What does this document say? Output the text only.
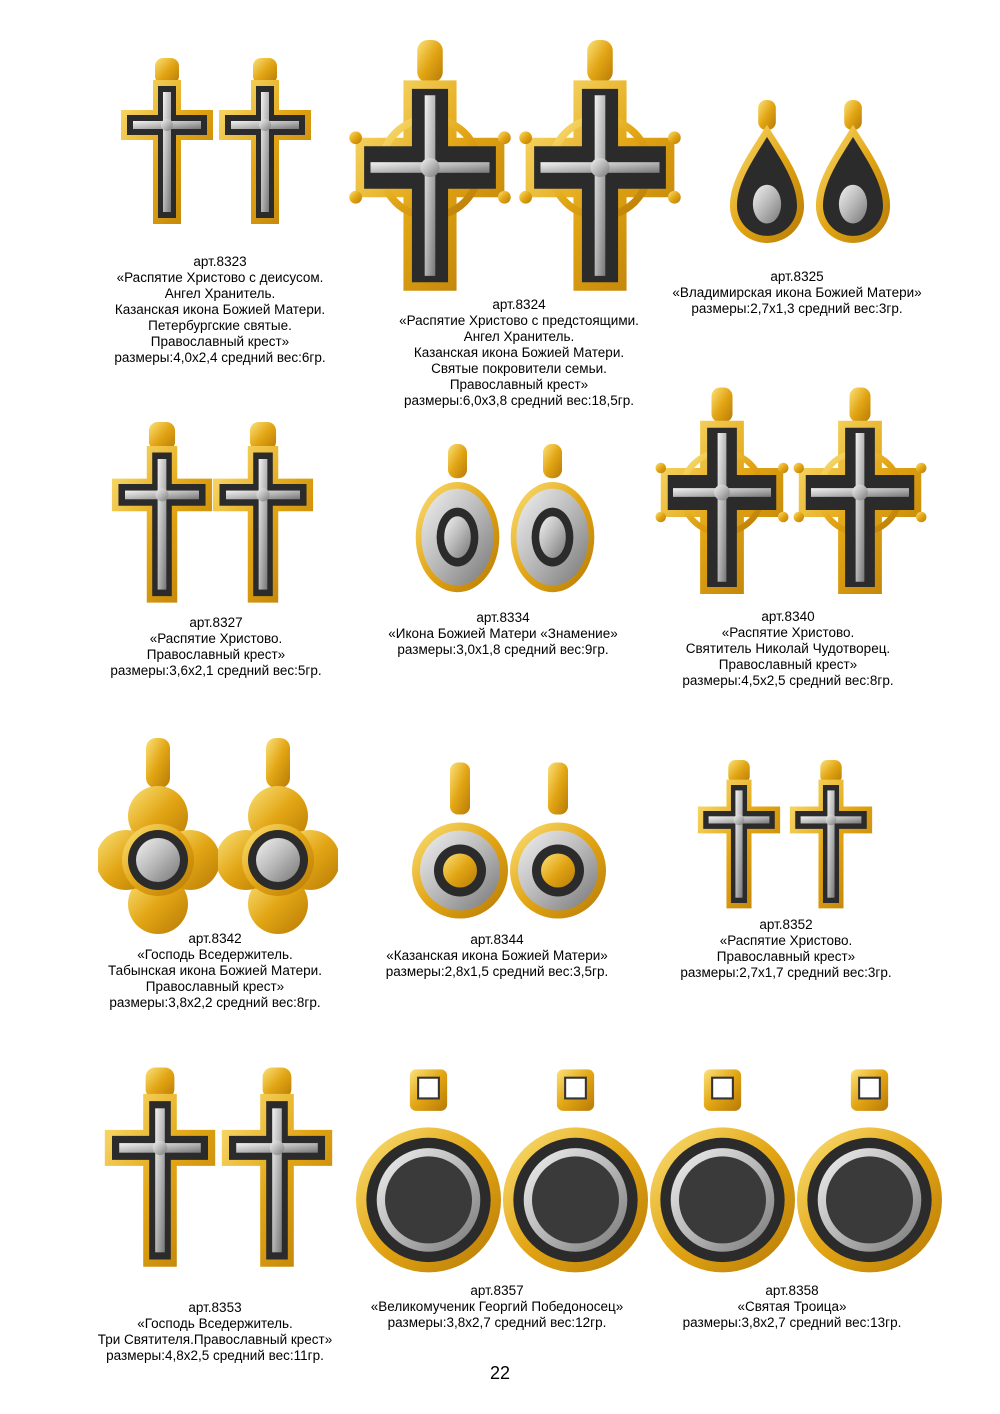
арт.8323
«Распятие Христово с деисусом.
Ангел Хранитель.
Казанская икона Божией Матери.
Петербургские святые.
Православный крест»
размеры:4,0х2,4 средний вес:6гр.
арт.8324
«Распятие Христово с предстоящими.
Ангел Хранитель.
Казанская икона Божией Матери.
Святые покровители семьи.
Православный крест»
размеры:6,0х3,8 средний вес:18,5гр.
арт.8325
«Владимирская икона Божией Матери»
размеры:2,7х1,3 средний вес:3гр.
арт.8327
«Распятие Христово.
Православный крест»
размеры:3,6х2,1 средний вес:5гр.
арт.8334
«Икона Божией Матери «Знамение»
размеры:3,0х1,8 средний вес:9гр.
арт.8340
«Распятие Христово.
Святитель Николай Чудотворец.
Православный крест»
размеры:4,5х2,5 средний вес:8гр.
арт.8342
«Господь Вседержитель.
Табынская икона Божией Матери.
Православный крест»
размеры:3,8х2,2 средний вес:8гр.
арт.8344
«Казанская икона Божией Матери»
размеры:2,8х1,5 средний вес:3,5гр.
арт.8352
«Распятие Христово.
Православный крест»
размеры:2,7х1,7 средний вес:3гр.
арт.8353
«Господь Вседержитель.
Три Святителя.Православный крест»
размеры:4,8х2,5 средний вес:11гр.
арт.8357
«Великомученик Георгий Победоносец»
размеры:3,8х2,7 средний вес:12гр.
арт.8358
«Святая Троица»
размеры:3,8х2,7 средний вес:13гр.
22
